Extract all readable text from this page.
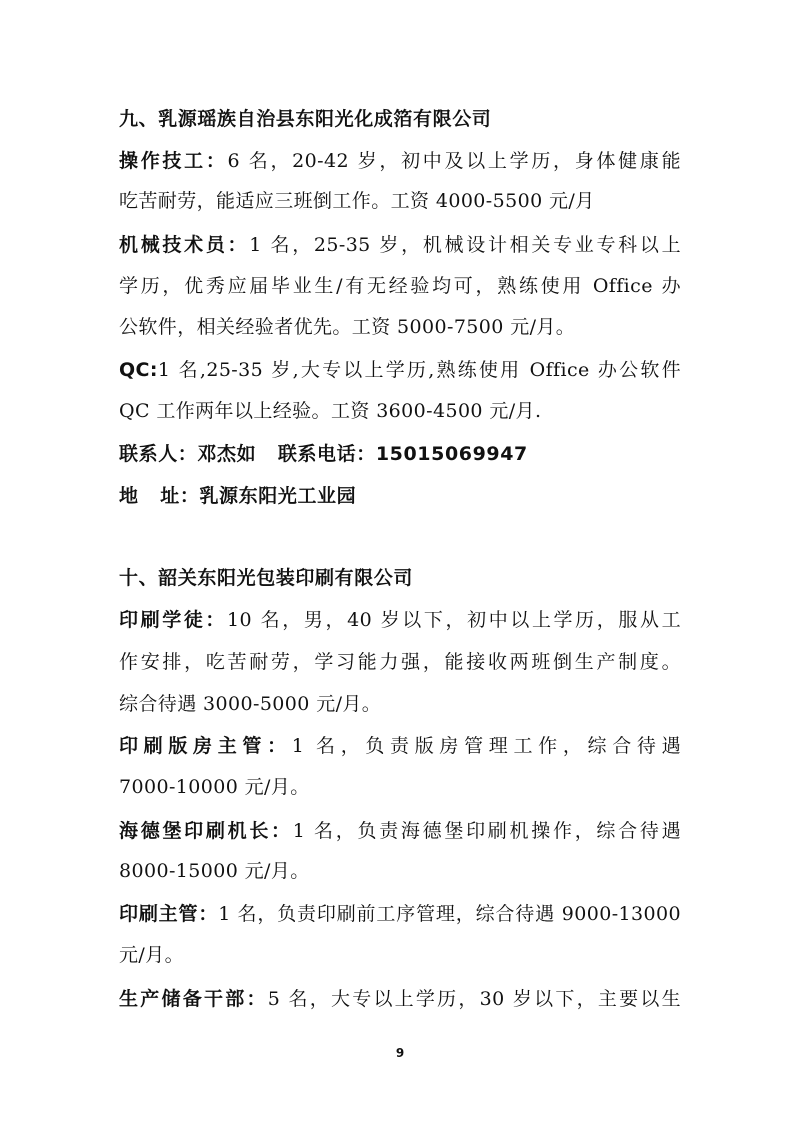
九、乳源瑶族自治县东阳光化成箔有限公司
操作技工：6 名，20-42 岁，初中及以上学历，身体健康能
吃苦耐劳，能适应三班倒工作。工资 4000-5500 元/月
机械技术员：1 名，25-35 岁，机械设计相关专业专科以上
学历，优秀应届毕业生/有无经验均可，熟练使用 Office 办
公软件，相关经验者优先。工资 5000-7500 元/月。
QC:1 名,25-35 岁,大专以上学历,熟练使用 Office 办公软件
QC 工作两年以上经验。工资 3600-4500 元/月.
联系人：邓杰如   联系电话：15015069947
地   址：乳源东阳光工业园
十、韶关东阳光包装印刷有限公司
印刷学徒：10 名，男，40 岁以下，初中以上学历，服从工
作安排，吃苦耐劳，学习能力强，能接收两班倒生产制度。
综合待遇 3000-5000 元/月。
印刷版房主管：1 名，负责版房管理工作，综合待遇
7000-10000 元/月。
海德堡印刷机长：1 名，负责海德堡印刷机操作，综合待遇
8000-15000 元/月。
印刷主管：1 名，负责印刷前工序管理，综合待遇 9000-13000
元/月。
生产储备干部：5 名，大专以上学历，30 岁以下，主要以生
9
